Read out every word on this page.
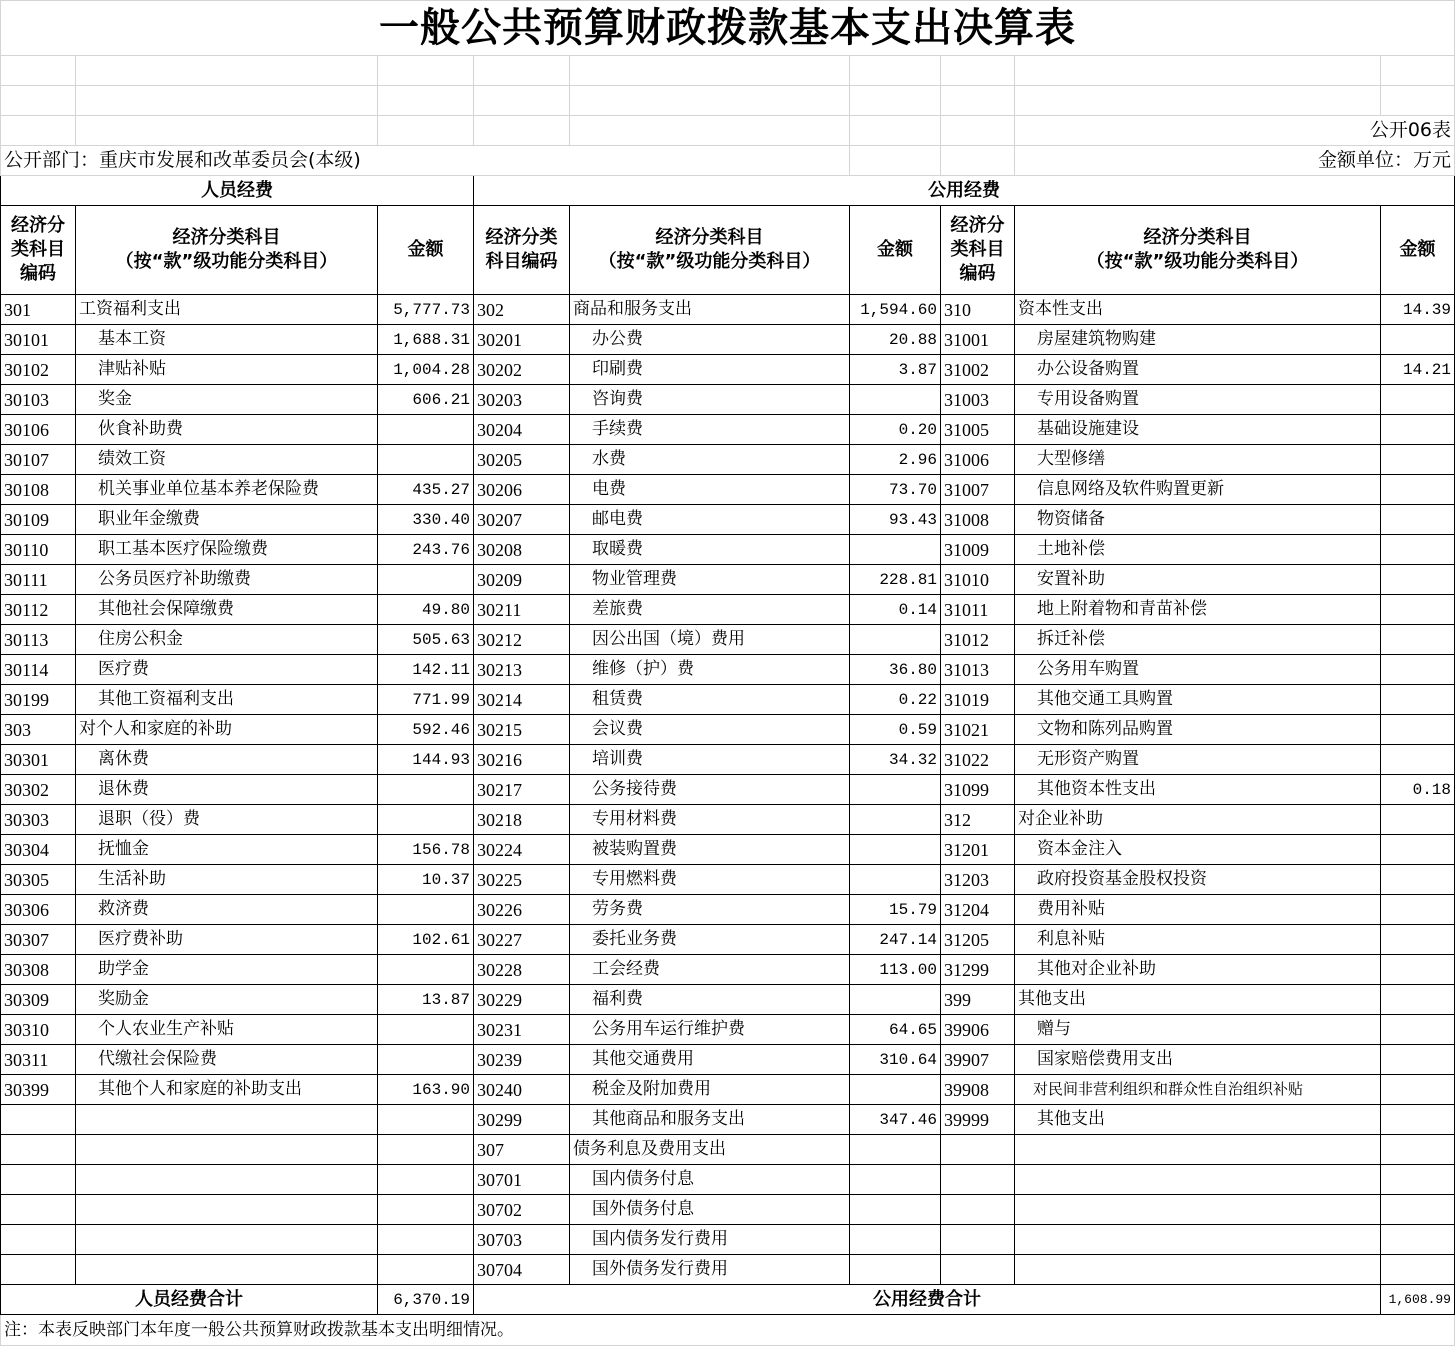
一般公共预算财政拨款基本支出决算表								

							公开06表	
公开部门：重庆市发展和改革委员会(本级)							金额单位：万元	
人员经费			公用经费					
经济分
类科目
编码	经济分类科目
（按“款”级功能分类科目）	金额	经济分类
科目编码	经济分类科目
（按“款”级功能分类科目）	金额	经济分
类科目
编码	经济分类科目
（按“款”级功能分类科目）	金额
301	工资福利支出	5,777.73	302	商品和服务支出	1,594.60	310	资本性支出	14.39
30101	基本工资	1,688.31	30201	办公费	20.88	31001	房屋建筑物购建	
30102	津贴补贴	1,004.28	30202	印刷费	3.87	31002	办公设备购置	14.21
30103	奖金	606.21	30203	咨询费		31003	专用设备购置	
30106	伙食补助费		30204	手续费	0.20	31005	基础设施建设	
30107	绩效工资		30205	水费	2.96	31006	大型修缮	
30108	机关事业单位基本养老保险费	435.27	30206	电费	73.70	31007	信息网络及软件购置更新	
30109	职业年金缴费	330.40	30207	邮电费	93.43	31008	物资储备	
30110	职工基本医疗保险缴费	243.76	30208	取暖费		31009	土地补偿	
30111	公务员医疗补助缴费		30209	物业管理费	228.81	31010	安置补助	
30112	其他社会保障缴费	49.80	30211	差旅费	0.14	31011	地上附着物和青苗补偿	
30113	住房公积金	505.63	30212	因公出国（境）费用		31012	拆迁补偿	
30114	医疗费	142.11	30213	维修（护）费	36.80	31013	公务用车购置	
30199	其他工资福利支出	771.99	30214	租赁费	0.22	31019	其他交通工具购置	
303	对个人和家庭的补助	592.46	30215	会议费	0.59	31021	文物和陈列品购置	
30301	离休费	144.93	30216	培训费	34.32	31022	无形资产购置	
30302	退休费		30217	公务接待费		31099	其他资本性支出	0.18
30303	退职（役）费		30218	专用材料费		312	对企业补助	
30304	抚恤金	156.78	30224	被装购置费		31201	资本金注入	
30305	生活补助	10.37	30225	专用燃料费		31203	政府投资基金股权投资	
30306	救济费		30226	劳务费	15.79	31204	费用补贴	
30307	医疗费补助	102.61	30227	委托业务费	247.14	31205	利息补贴	
30308	助学金		30228	工会经费	113.00	31299	其他对企业补助	
30309	奖励金	13.87	30229	福利费		399	其他支出	
30310	个人农业生产补贴		30231	公务用车运行维护费	64.65	39906	赠与	
30311	代缴社会保险费		30239	其他交通费用	310.64	39907	国家赔偿费用支出	
30399	其他个人和家庭的补助支出	163.90	30240	税金及附加费用		39908	对民间非营利组织和群众性自治组织补贴	
			30299	其他商品和服务支出	347.46	39999	其他支出	
			307	债务利息及费用支出				
			30701	国内债务付息				
			30702	国外债务付息				
			30703	国内债务发行费用				
			30704	国外债务发行费用				
人员经费合计		6,370.19	公用经费合计					1,608.99
注：本表反映部门本年度一般公共预算财政拨款基本支出明细情况。								
